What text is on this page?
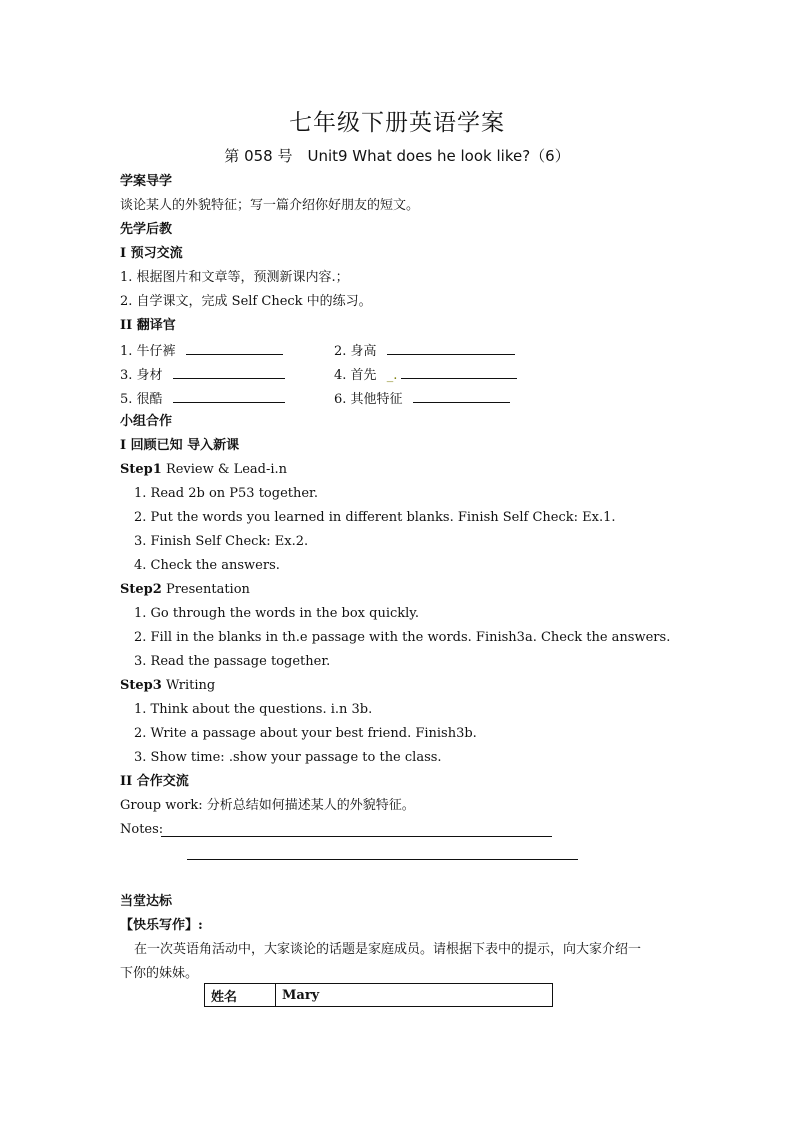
七年级下册英语学案
第 058 号　Unit9 What does he look like?（6）
学案导学
谈论某人的外貌特征；写一篇介绍你好朋友的短文。
先学后教
I 预习交流
1. 根据图片和文章等，预测新课内容.；
2. 自学课文，完成 Self Check 中的练习。
II 翻译官
1. 牛仔裤	2. 身高
3. 身材	4. 首先 _.
5. 很酷	6. 其他特征
小组合作
I 回顾已知 导入新课
Step1 Review & Lead-i.n
1. Read 2b on P53 together.
2. Put the words you learned in different blanks. Finish Self Check: Ex.1.
3. Finish Self Check: Ex.2.
4. Check the answers.
Step2 Presentation
1. Go through the words in the box quickly.
2. Fill in the blanks in th.e passage with the words. Finish3a. Check the answers.
3. Read the passage together.
Step3 Writing
1. Think about the questions. i.n 3b.
2. Write a passage about your best friend. Finish3b.
3. Show time: .show your passage to the class.
II 合作交流
Group work: 分析总结如何描述某人的外貌特征。
Notes:
当堂达标
【快乐写作】:
在一次英语角活动中，大家谈论的话题是家庭成员。请根据下表中的提示，向大家介绍一
下你的妹妹。
姓名	Mary
